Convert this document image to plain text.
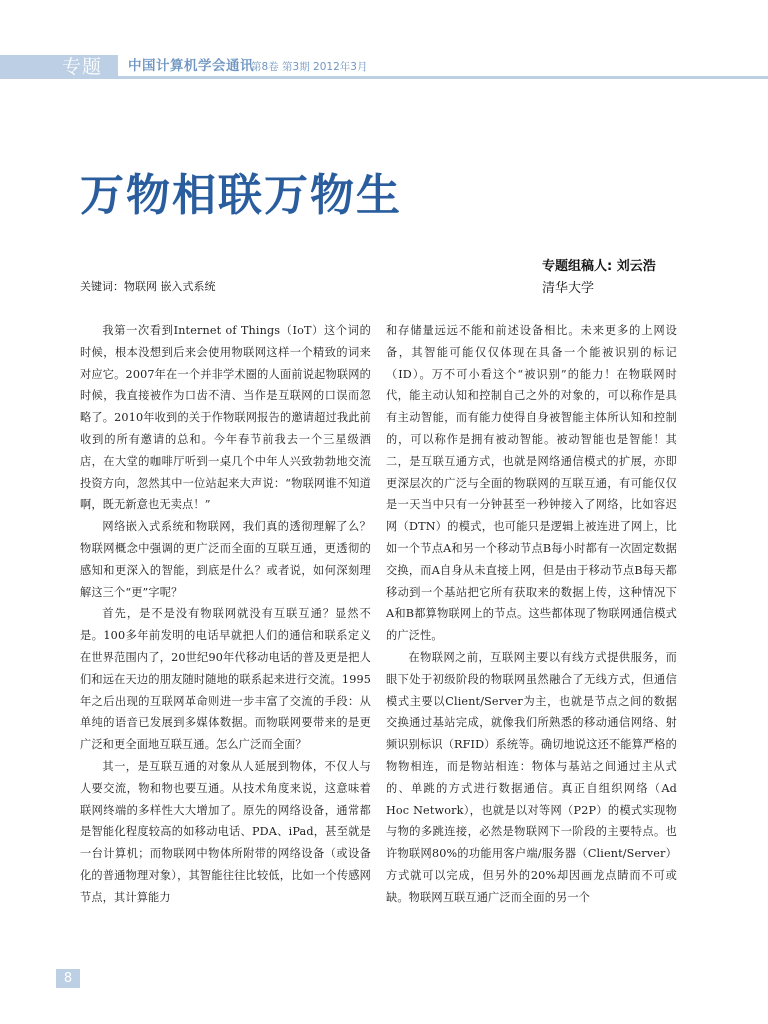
专题 中国计算机学会通讯
第8卷 第3期 2012年3月
万物相联万物生
专题组稿人: 刘云浩
清华大学
关键词：物联网 嵌入式系统

我第一次看到Internet of Things（IoT）这个词的时候，根本没想到后来会使用物联网这样一个精致的词来对应它。2007年在一个并非学术圈的人面前说起物联网的时候，我直接被作为口齿不清、当作是互联网的口误而忽略了。2010年收到的关于作物联网报告的邀请超过我此前收到的所有邀请的总和。今年春节前我去一个三星级酒店，在大堂的咖啡厅听到一桌几个中年人兴致勃勃地交流投资方向，忽然其中一位站起来大声说：“物联网谁不知道啊，既无新意也无卖点！”

网络嵌入式系统和物联网，我们真的透彻理解了么？物联网概念中强调的更广泛而全面的互联互通，更透彻的感知和更深入的智能，到底是什么？或者说，如何深刻理解这三个“更”字呢？

首先，是不是没有物联网就没有互联互通？显然不是。100多年前发明的电话早就把人们的通信和联系定义在世界范围内了，20世纪90年代移动电话的普及更是把人们和远在天边的朋友随时随地的联系起来进行交流。1995年之后出现的互联网革命则进一步丰富了交流的手段：从单纯的语音已发展到多媒体数据。而物联网要带来的是更广泛和更全面地互联互通。怎么广泛而全面？

其一，是互联互通的对象从人延展到物体，不仅人与人要交流，物和物也要互通。从技术角度来说，这意味着联网终端的多样性大大增加了。原先的网络设备，通常都是智能化程度较高的如移动电话、PDA、iPad，甚至就是一台计算机；而物联网中物体所附带的网络设备（或设备化的普通物理对象），其智能往往比较低，比如一个传感网节点，其计算能力

和存储量远远不能和前述设备相比。未来更多的上网设备，其智能可能仅仅体现在具备一个能被识别的标记（ID）。万不可小看这个“被识别”的能力！在物联网时代，能主动认知和控制自己之外的对象的，可以称作是具有主动智能，而有能力使得自身被智能主体所认知和控制的，可以称作是拥有被动智能。被动智能也是智能！其二，是互联互通方式，也就是网络通信模式的扩展，亦即更深层次的广泛与全面的物联网的互联互通，有可能仅仅是一天当中只有一分钟甚至一秒钟接入了网络，比如容迟网（DTN）的模式，也可能只是逻辑上被连进了网上，比如一个节点A和另一个移动节点B每小时都有一次固定数据交换，而A自身从未直接上网，但是由于移动节点B每天都移动到一个基站把它所有获取来的数据上传，这种情况下A和B都算物联网上的节点。这些都体现了物联网通信模式的广泛性。

在物联网之前，互联网主要以有线方式提供服务，而眼下处于初级阶段的物联网虽然融合了无线方式，但通信模式主要以Client/Server为主，也就是节点之间的数据交换通过基站完成，就像我们所熟悉的移动通信网络、射频识别标识（RFID）系统等。确切地说这还不能算严格的物物相连，而是物站相连：物体与基站之间通过主从式的、单跳的方式进行数据通信。真正自组织网络（Ad Hoc Network），也就是以对等网（P2P）的模式实现物与物的多跳连接，必然是物联网下一阶段的主要特点。也许物联网80%的功能用客户端/服务器（Client/Server）方式就可以完成，但另外的20%却因画龙点睛而不可或缺。物联网互联互通广泛而全面的另一个

8
